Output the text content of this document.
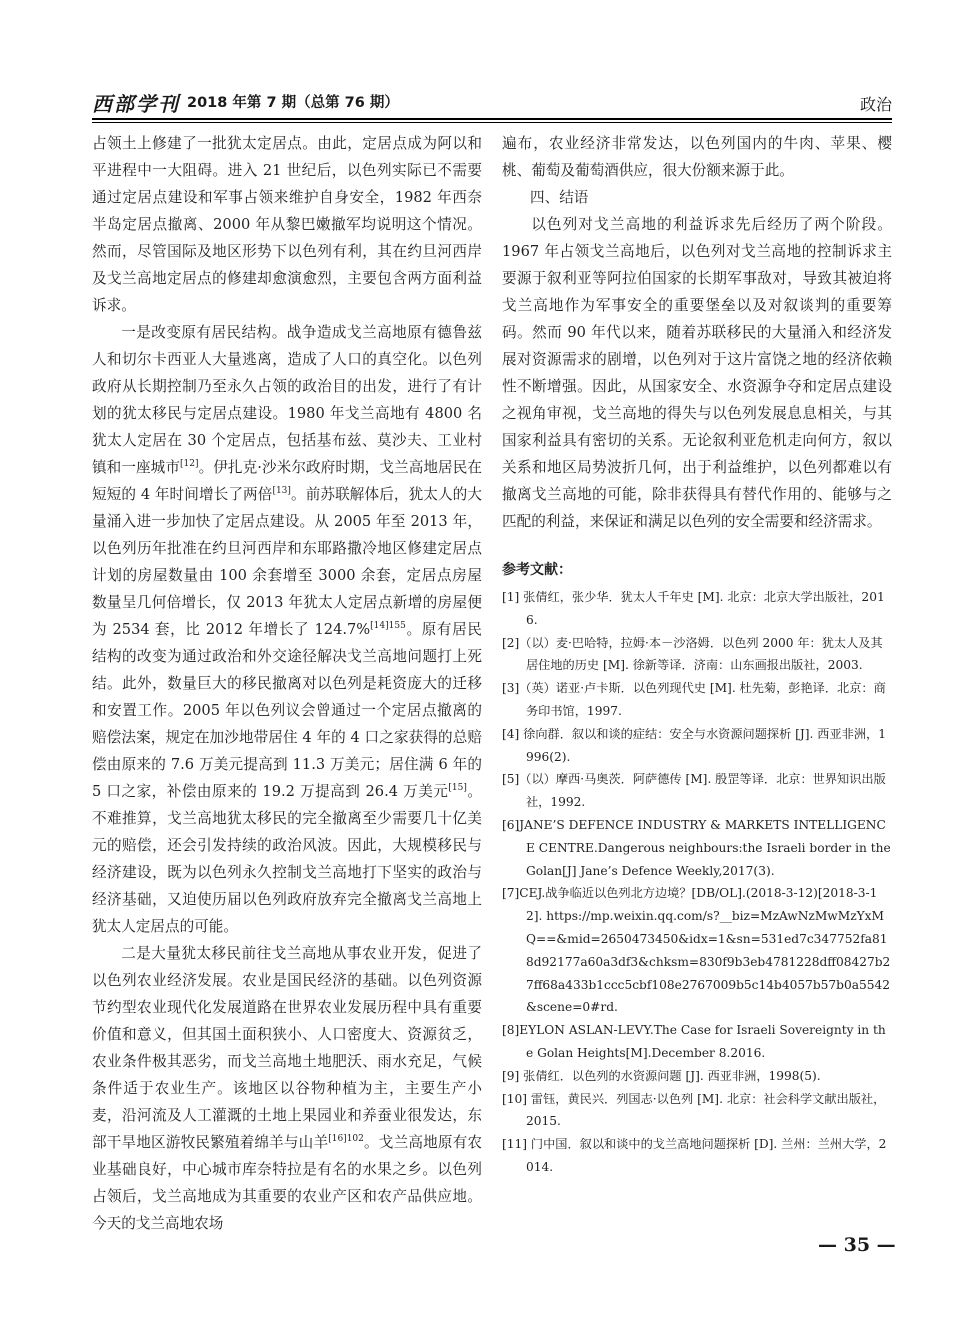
西部学刊 2018 年第 7 期（总第 76 期）	政治

占领土上修建了一批犹太定居点。由此，定居点成为阿以和平进程中一大阻碍。进入 21 世纪后，以色列实际已不需要通过定居点建设和军事占领来维护自身安全，1982 年西奈半岛定居点撤离、2000 年从黎巴嫩撤军均说明这个情况。然而，尽管国际及地区形势下以色列有利，其在约旦河西岸及戈兰高地定居点的修建却愈演愈烈，主要包含两方面利益诉求。

一是改变原有居民结构。战争造成戈兰高地原有德鲁兹人和切尔卡西亚人大量逃离，造成了人口的真空化。以色列政府从长期控制乃至永久占领的政治目的出发，进行了有计划的犹太移民与定居点建设。1980 年戈兰高地有 4800 名犹太人定居在 30 个定居点，包括基布兹、莫沙夫、工业村镇和一座城市[12]。伊扎克·沙米尔政府时期，戈兰高地居民在短短的 4 年时间增长了两倍[13]。前苏联解体后，犹太人的大量涌入进一步加快了定居点建设。从 2005 年至 2013 年，以色列历年批准在约旦河西岸和东耶路撒冷地区修建定居点计划的房屋数量由 100 余套增至 3000 余套，定居点房屋数量呈几何倍增长，仅 2013 年犹太人定居点新增的房屋便为 2534 套，比 2012 年增长了 124.7%$^{[14]155}$。原有居民结构的改变为通过政治和外交途径解决戈兰高地问题打上死结。此外，数量巨大的移民撤离对以色列是耗资庞大的迁移和安置工作。2005 年以色列议会曾通过一个定居点撤离的赔偿法案，规定在加沙地带居住 4 年的 4 口之家获得的总赔偿由原来的 7.6 万美元提高到 11.3 万美元；居住满 6 年的 5 口之家，补偿由原来的 19.2 万提高到 26.4 万美元[15]。不难推算，戈兰高地犹太移民的完全撤离至少需要几十亿美元的赔偿，还会引发持续的政治风波。因此，大规模移民与经济建设，既为以色列永久控制戈兰高地打下坚实的政治与经济基础，又迫使历届以色列政府放弃完全撤离戈兰高地上犹太人定居点的可能。

二是大量犹太移民前往戈兰高地从事农业开发，促进了以色列农业经济发展。农业是国民经济的基础。以色列资源节约型农业现代化发展道路在世界农业发展历程中具有重要价值和意义，但其国土面积狭小、人口密度大、资源贫乏，农业条件极其恶劣，而戈兰高地土地肥沃、雨水充足，气候条件适于农业生产。该地区以谷物种植为主，主要生产小麦，沿河流及人工灌溉的土地上果园业和养蚕业很发达，东部干旱地区游牧民繁殖着绵羊与山羊$^{[16]102}$。戈兰高地原有农业基础良好，中心城市库奈特拉是有名的水果之乡。以色列占领后，戈兰高地成为其重要的农业产区和农产品供应地。今天的戈兰高地农场

遍布，农业经济非常发达，以色列国内的牛肉、苹果、樱桃、葡萄及葡萄酒供应，很大份额来源于此。

四、结语

以色列对戈兰高地的利益诉求先后经历了两个阶段。1967 年占领戈兰高地后，以色列对戈兰高地的控制诉求主要源于叙利亚等阿拉伯国家的长期军事敌对，导致其被迫将戈兰高地作为军事安全的重要堡垒以及对叙谈判的重要筹码。然而 90 年代以来，随着苏联移民的大量涌入和经济发展对资源需求的剧增，以色列对于这片富饶之地的经济依赖性不断增强。因此，从国家安全、水资源争夺和定居点建设之视角审视，戈兰高地的得失与以色列发展息息相关，与其国家利益具有密切的关系。无论叙利亚危机走向何方，叙以关系和地区局势波折几何，出于利益维护，以色列都难以有撤离戈兰高地的可能，除非获得具有替代作用的、能够与之匹配的利益，来保证和满足以色列的安全需要和经济需求。

参考文献：

[1] 张倩红，张少华．犹太人千年史 [M]. 北京：北京大学出版社，2016.

[2]（以）麦·巴哈特，拉姆·本－沙洛姆．以色列 2000 年：犹太人及其居住地的历史 [M]. 徐新等译．济南：山东画报出版社，2003.

[3]（英）诺亚·卢卡斯．以色列现代史 [M]. 杜先菊，彭艳译．北京：商务印书馆，1997.

[4] 徐向群．叙以和谈的症结：安全与水资源问题探析 [J]. 西亚非洲，1996(2).

[5]（以）摩西·马奥茨．阿萨德传 [M]. 殷罡等译．北京：世界知识出版社，1992.

[6]JANE’S DEFENCE INDUSTRY & MARKETS INTELLIGENCE CENTRE.Dangerous neighbours:the Israeli border in the Golan[J] Jane’s Defence Weekly,2017(3).

[7]CEJ.战争临近以色列北方边境？[DB/OL].(2018-3-12)[2018-3-12]. https://mp.weixin.qq.com/s?__biz=MzAwNzMwMzYxMQ==&mid=2650473450&idx=1&sn=531ed7c347752fa818d92177a60a3df3&chksm=830f9b3eb4781228dff08427b27ff68a433b1ccc5cbf108e2767009b5c14b4057b57b0a5542&scene=0#rd.

[8]EYLON ASLAN-LEVY.The Case for Israeli Sovereignty in the Golan Heights[M].December 8.2016.

[9] 张倩红．以色列的水资源问题 [J]. 西亚非洲，1998(5).

[10] 雷钰，黄民兴．列国志·以色列 [M]. 北京：社会科学文献出版社，2015.

[11] 门中国．叙以和谈中的戈兰高地问题探析 [D]. 兰州：兰州大学，2014.

— 35 —
